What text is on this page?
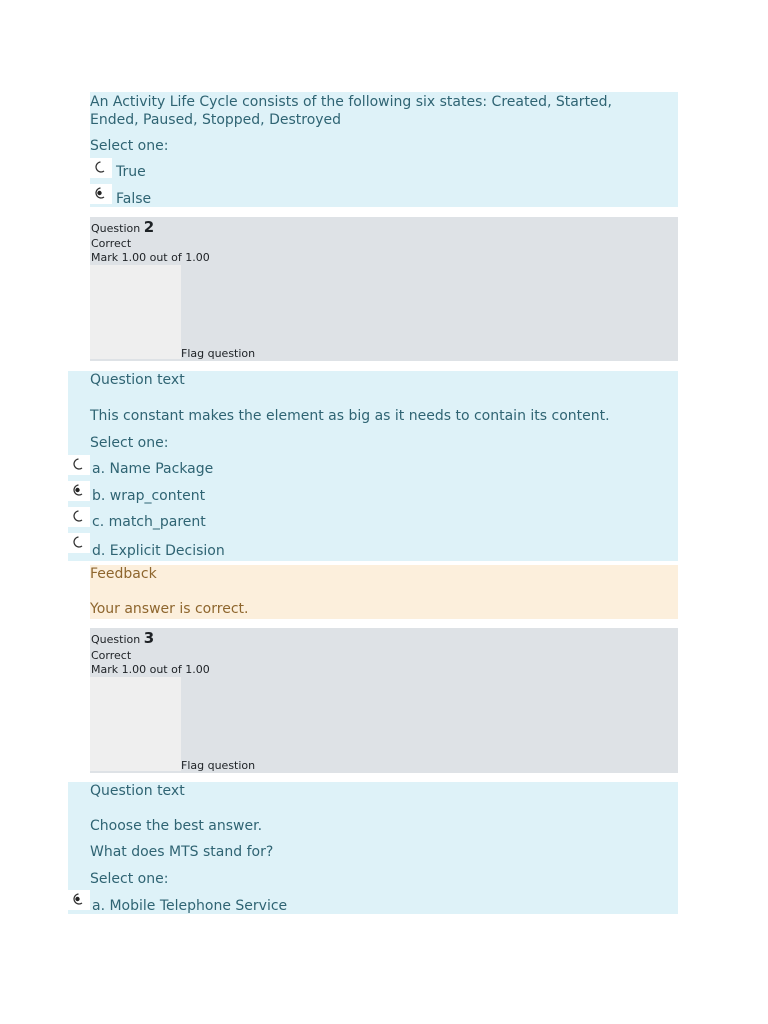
An Activity Life Cycle consists of the following six states: Created, Started,
Ended, Paused, Stopped, Destroyed
Select one:
True
False
Question 2
Correct
Mark 1.00 out of 1.00
Flag question
Question text
This constant makes the element as big as it needs to contain its content.
Select one:
a. Name Package
b. wrap_content
c. match_parent
d. Explicit Decision
Feedback
Your answer is correct.
Question 3
Correct
Mark 1.00 out of 1.00
Flag question
Question text
Choose the best answer.
What does MTS stand for?
Select one:
a. Mobile Telephone Service
